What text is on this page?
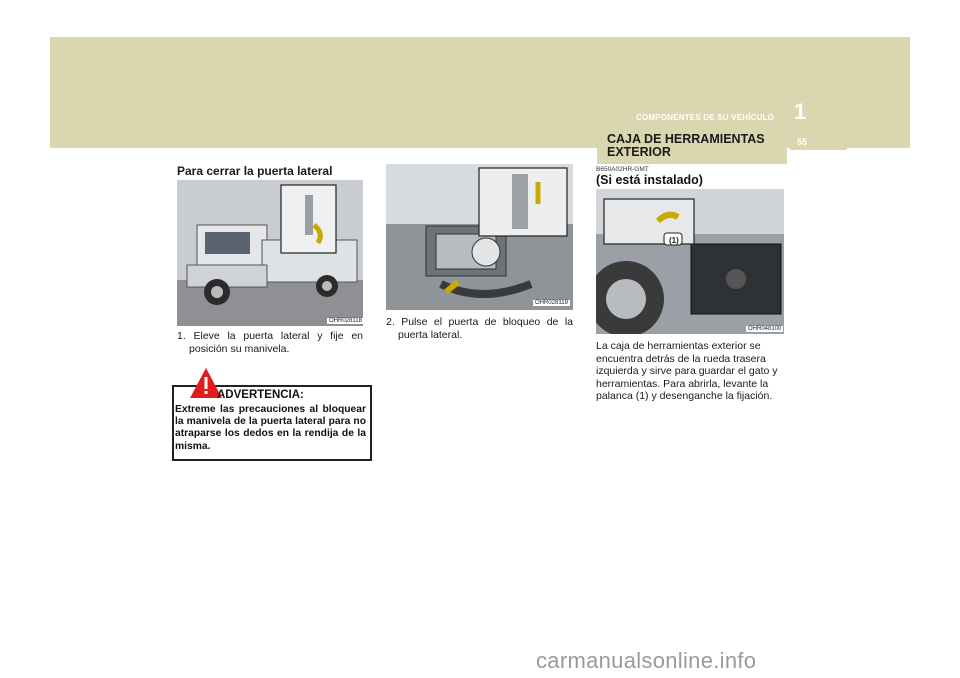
COMPONENTES DE SU VEHÍCULO 1
CAJA DE HERRAMIENTAS EXTERIOR
55
Para cerrar la puerta lateral
OHR028118
1. Eleve la puerta lateral y fije en posición su manivela.
ADVERTENCIA:
Extreme las precauciones al bloquear la manivela de la puerta lateral para no atraparse los dedos en la rendija de la misma.
OHR028119
2. Pulse el puerta de bloqueo de la puerta lateral.
B650A02HR-GMT
(Si está instalado)
OHR048100
(1)
La caja de herramientas exterior se encuentra detrás de la rueda trasera izquierda y sirve para guardar el gato y herramientas. Para abrirla, levante la palanca (1) y desenganche la fijación.
carmanualsonline.info
